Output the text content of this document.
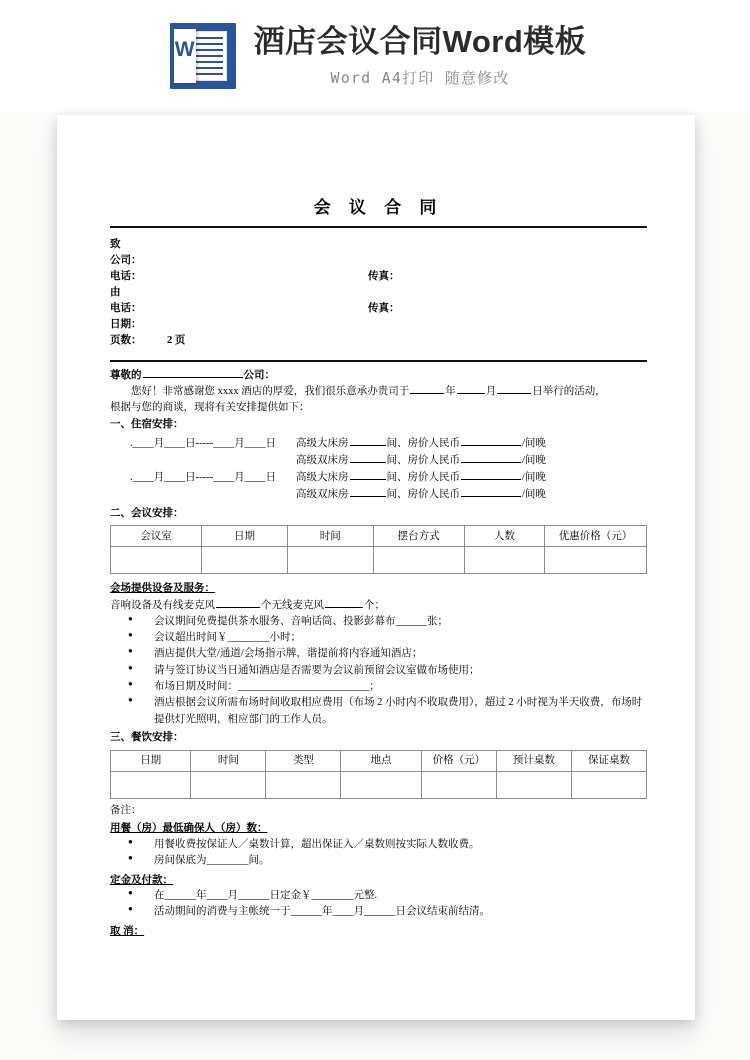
W 酒店会议合同Word模板
Word A4打印 随意修改
会 议 合 同
致
公司：
电话：	传真：
由
电话：	传真：
日期：
页数：	2 页

尊敬的	公司：

您好！非常感谢您 xxxx 酒店的厚爱，我们很乐意承办贵司于	年	月	日举行的活动，

根据与您的商谈，现将有关安排提供如下：

一、住宿安排：
.____月____日-----____月____日	高级大床房	间、房价人民币	/间晚
高级双床房	间、房价人民币	/间晚
.____月____日-----____月____日	高级大床房	间、房价人民币	/间晚
高级双床房	间、房价人民币	/间晚
二、会议安排：
会议室	日期	时间	摆台方式	人数	优惠价格（元）

会场提供设备及服务：

音响设备及有线麦克风	个无线麦克风	个；

● 会议期间免费提供茶水服务、音响话筒、投影彭幕布______张；
● 会议超出时间￥________小时；
● 酒店提供大堂/通道/会场指示牌，谐提前将内容通知酒店；
● 请与签订协议当日通知酒店是否需要为会议前预留会议室做布场使用；
● 布场日期及时间：_________________________；
● 酒店根据会议所需布场时间收取相应费用（布场 2 小时内不收取费用），超过 2 小时视为半天收费，布场时提供灯光照明，相应部门的工作人员。
三、餐饮安排：
日期	时间	类型	地点	价格（元）	预计桌数	保证桌数

备注：

用餐（房）最低确保人（房）数：
● 用餐收费按保证人／桌数计算，超出保证入／桌数则按实际人数收费。
● 房间保底为________间。
定金及付款：
● 在______年____月______日定金￥________元整.
● 活动期间的消费与主帐统一于______年____月______日会议结束前结清。
取 消：
